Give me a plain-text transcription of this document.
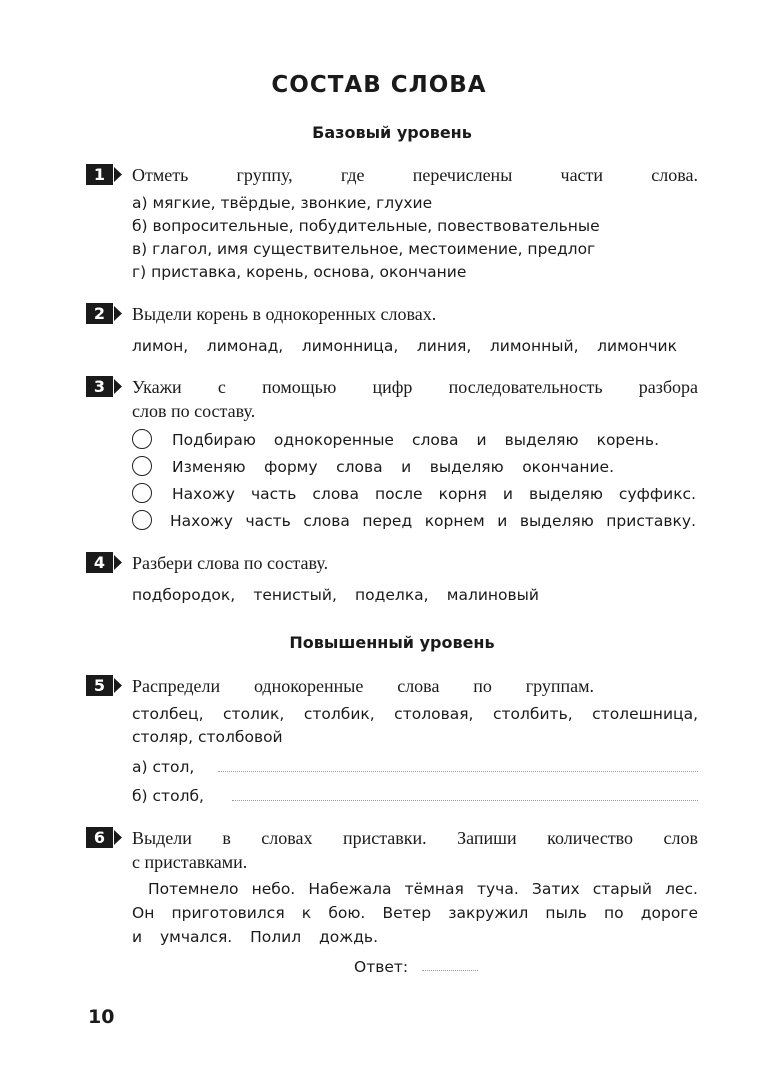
СОСТАВ СЛОВА
Базовый уровень
1	Отметь группу, где перечислены части слова.
а) мягкие, твёрдые, звонкие, глухие
б) вопросительные, побудительные, повествовательные
в) глагол, имя существительное, местоимение, предлог
г) приставка, корень, основа, окончание
2	Выдели корень в однокоренных словах.
лимон, лимонад, лимонница, линия, лимонный, лимончик
3	Укажи с помощью цифр последовательность разбора
слов по составу.
Подбираю однокоренные слова и выделяю корень.
Изменяю форму слова и выделяю окончание.
Нахожу часть слова после корня и выделяю суффикс.
Нахожу часть слова перед корнем и выделяю приставку.
4	Разбери слова по составу.
подбородок, тенистый, поделка, малиновый
Повышенный уровень
5	Распредели однокоренные слова по группам.
столбец, столик, столбик, столовая, столбить, столешница,
столяр, столбовой
а) стол,
б) столб,
6	Выдели в словах приставки. Запиши количество слов
с приставками.
Потемнело небо. Набежала тёмная туча. Затих старый лес.
Он приготовился к бою. Ветер закружил пыль по дороге
и умчался. Полил дождь.
Ответ:
10
